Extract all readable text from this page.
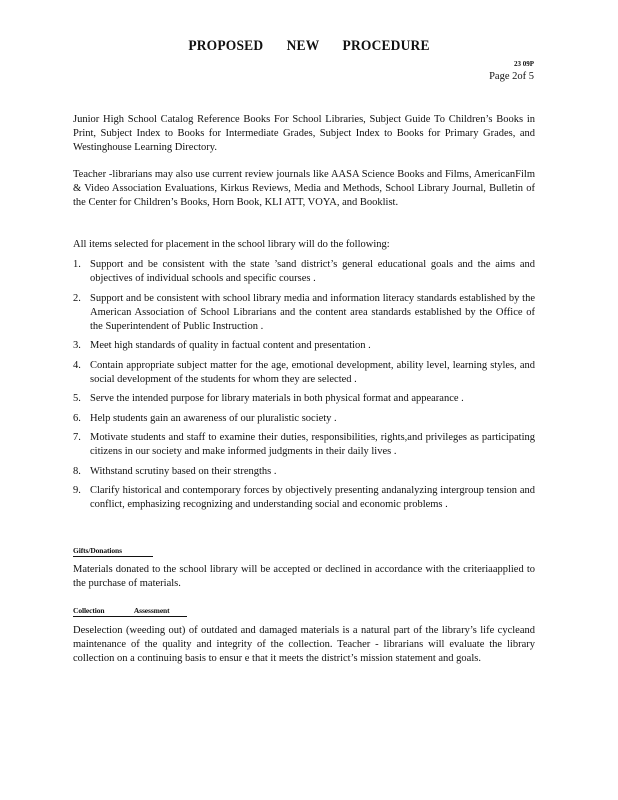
PROPOSED NEW PROCEDURE
23 09P
Page 2of 5
Junior High School Catalog Reference Books For School Libraries, Subject Guide To Children’s Books in Print, Subject Index to Books for Intermediate Grades, Subject Index to Books for Primary Grades, and Westinghouse Learning Directory.
Teacher -librarians may also use current review journals like AASA Science Books and Films, AmericanFilm & Video Association Evaluations, Kirkus Reviews, Media and Methods, School Library Journal, Bulletin of the Center for Children’s Books, Horn Book, KLI ATT, VOYA, and Booklist.
All items selected for placement in the school library will do the following:
1. Support and be consistent with the state ’sand district’s general educational goals and the aims and objectives of individual schools and specific courses .
2. Support and be consistent with school library media and information literacy standards established by the American Association of School Librarians and the content area standards established by the Office of the Superintendent of Public Instruction .
3. Meet high standards of quality in factual content and presentation .
4. Contain appropriate subject matter for the age, emotional development, ability level, learning styles, and social development of the students for whom they are selected .
5. Serve the intended purpose for library materials in both physical format and appearance .
6. Help students gain an awareness of our pluralistic society .
7. Motivate students and staff to examine their duties, responsibilities, rights,and privileges as participating citizens in our society and make informed judgments in their daily lives .
8. Withstand scrutiny based on their strengths .
9. Clarify historical and contemporary forces by objectively presenting andanalyzing intergroup tension and conflict, emphasizing recognizing and understanding social and economic problems .
Gifts/Donations
Materials donated to the school library will be accepted or declined in accordance with the criteriaapplied to the purchase of materials.
Collection Assessment
Deselection (weeding out) of outdated and damaged materials is a natural part of the library’s life cycleand maintenance of the quality and integrity of the collection. Teacher - librarians will evaluate the library collection on a continuing basis to ensur e that it meets the district’s mission statement and goals.
